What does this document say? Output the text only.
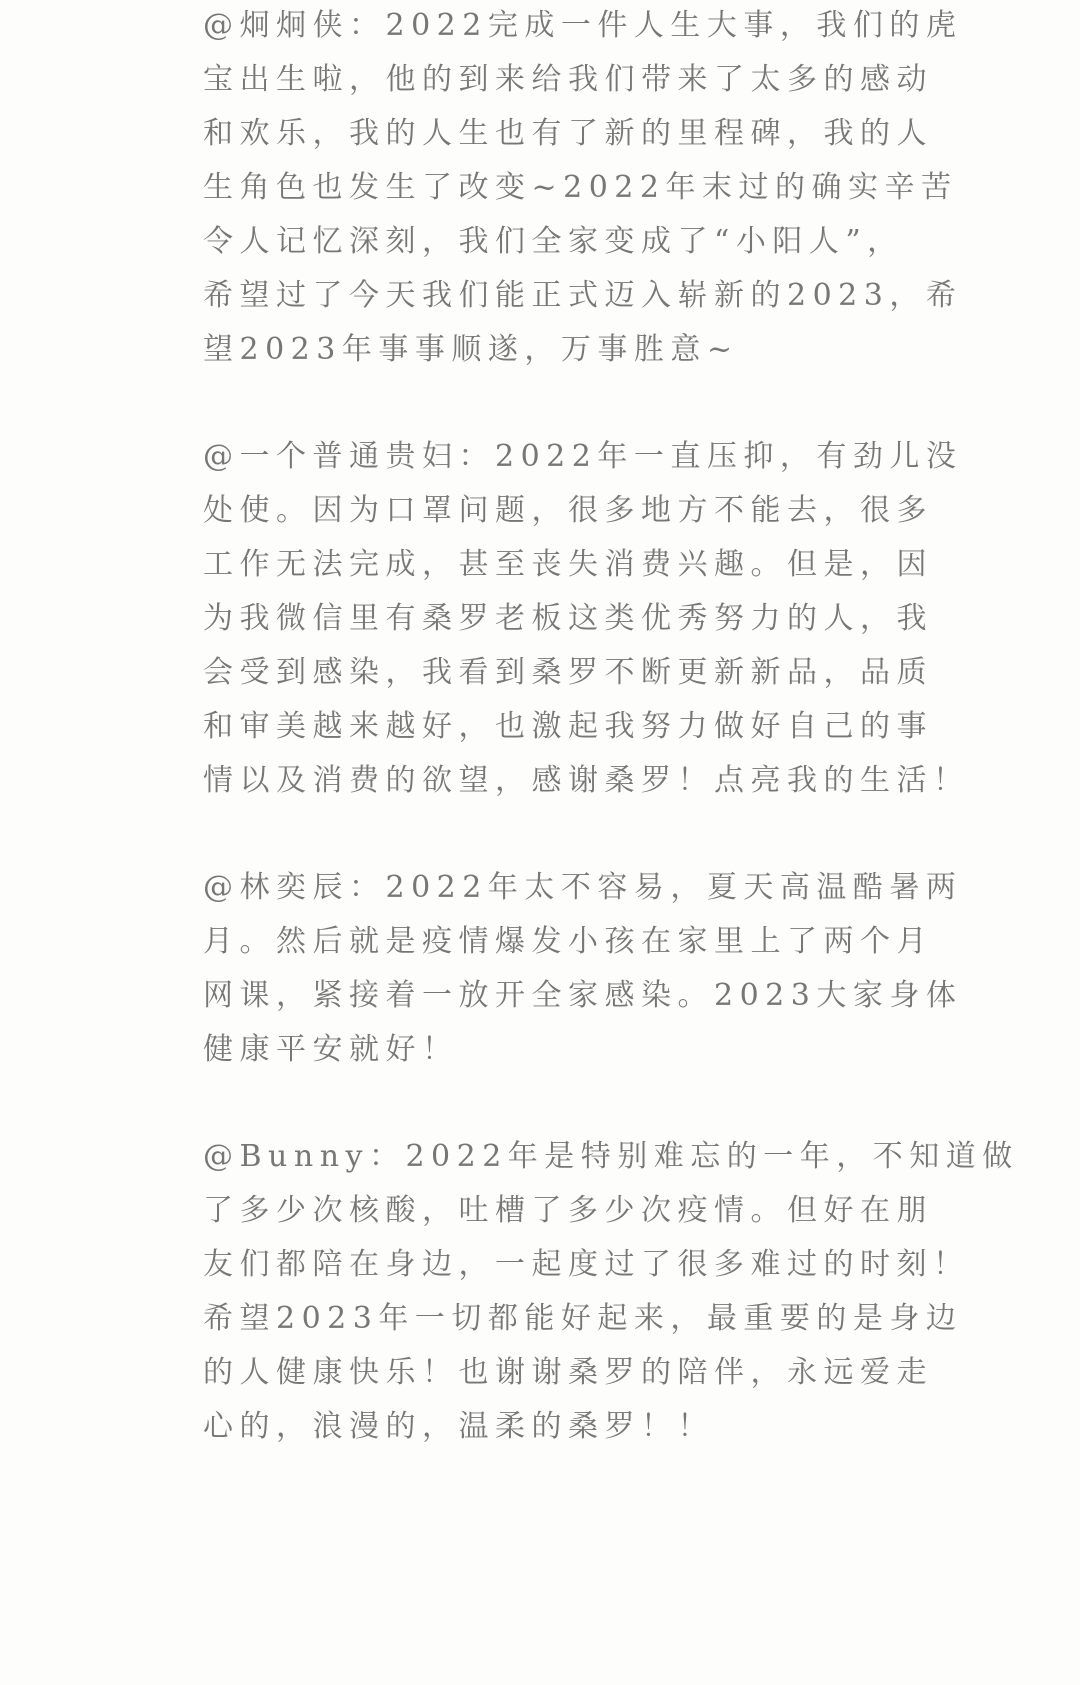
@炯炯侠：2022完成一件人生大事，我们的虎
宝出生啦，他的到来给我们带来了太多的感动
和欢乐，我的人生也有了新的里程碑，我的人
生角色也发生了改变~2022年末过的确实辛苦
令人记忆深刻，我们全家变成了“小阳人”，
希望过了今天我们能正式迈入崭新的2023，希
望2023年事事顺遂，万事胜意~

@一个普通贵妇：2022年一直压抑，有劲儿没
处使。因为口罩问题，很多地方不能去，很多
工作无法完成，甚至丧失消费兴趣。但是，因
为我微信里有桑罗老板这类优秀努力的人，我
会受到感染，我看到桑罗不断更新新品，品质
和审美越来越好，也激起我努力做好自己的事
情以及消费的欲望，感谢桑罗！点亮我的生活！

@林奕辰：2022年太不容易，夏天高温酷暑两
月。然后就是疫情爆发小孩在家里上了两个月
网课，紧接着一放开全家感染。2023大家身体
健康平安就好！

@Bunny：2022年是特别难忘的一年，不知道做
了多少次核酸，吐槽了多少次疫情。但好在朋
友们都陪在身边，一起度过了很多难过的时刻！
希望2023年一切都能好起来，最重要的是身边
的人健康快乐！也谢谢桑罗的陪伴，永远爱走
心的，浪漫的，温柔的桑罗！！
